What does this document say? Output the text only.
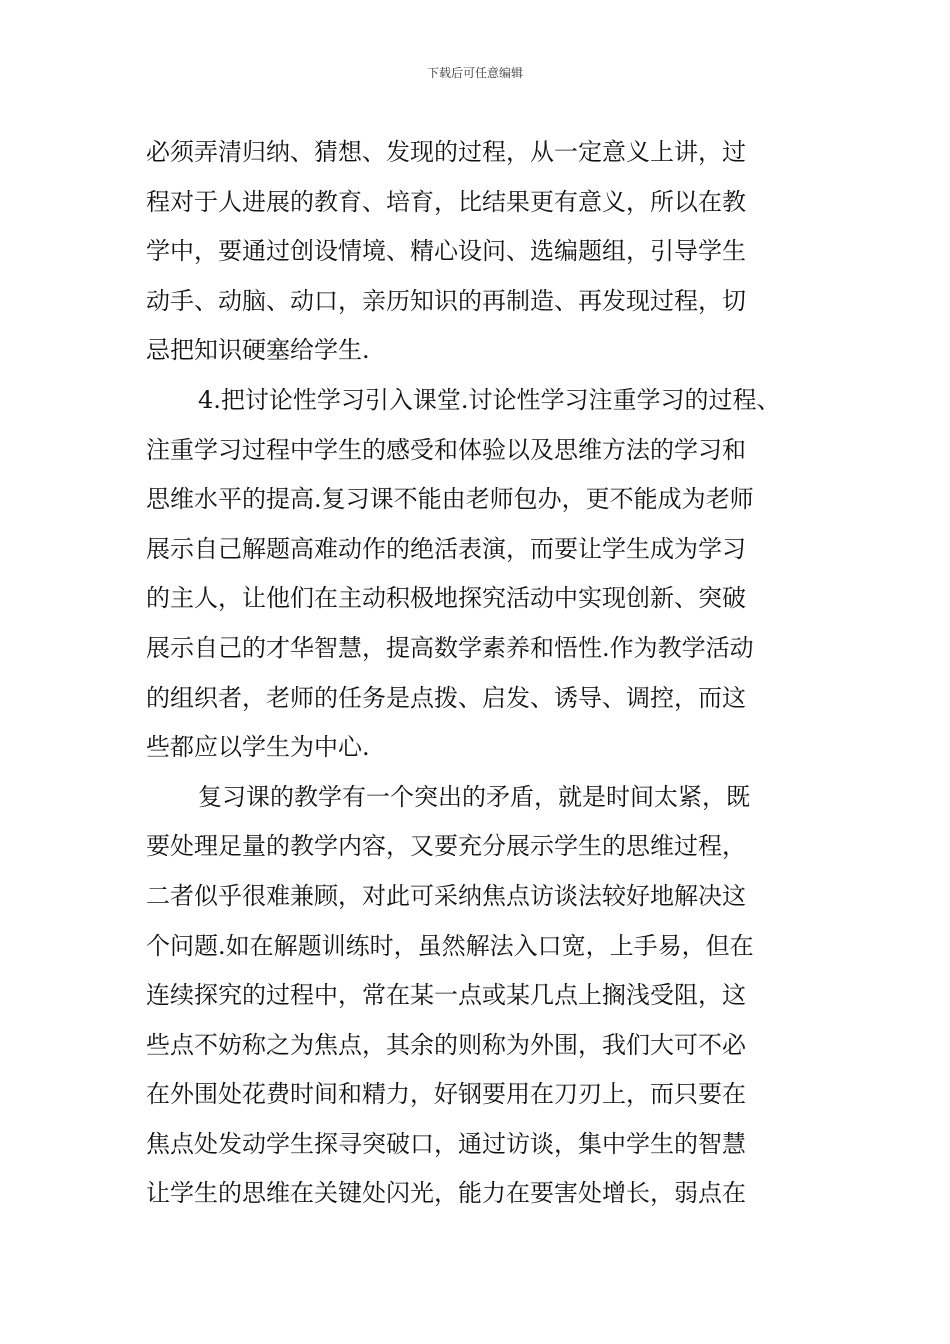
下载后可任意编辑
必须弄清归纳、猜想、发现的过程，从一定意义上讲，过
程对于人进展的教育、培育，比结果更有意义，所以在教
学中，要通过创设情境、精心设问、选编题组，引导学生
动手、动脑、动口，亲历知识的再制造、再发现过程，切
忌把知识硬塞给学生.
4.把讨论性学习引入课堂.讨论性学习注重学习的过程、
注重学习过程中学生的感受和体验以及思维方法的学习和
思维水平的提高.复习课不能由老师包办，更不能成为老师
展示自己解题高难动作的绝活表演，而要让学生成为学习
的主人，让他们在主动积极地探究活动中实现创新、突破
展示自己的才华智慧，提高数学素养和悟性.作为教学活动
的组织者，老师的任务是点拨、启发、诱导、调控，而这
些都应以学生为中心.
复习课的教学有一个突出的矛盾，就是时间太紧，既
要处理足量的教学内容，又要充分展示学生的思维过程，
二者似乎很难兼顾，对此可采纳焦点访谈法较好地解决这
个问题.如在解题训练时，虽然解法入口宽，上手易，但在
连续探究的过程中，常在某一点或某几点上搁浅受阻，这
些点不妨称之为焦点，其余的则称为外围，我们大可不必
在外围处花费时间和精力，好钢要用在刀刃上，而只要在
焦点处发动学生探寻突破口，通过访谈，集中学生的智慧
让学生的思维在关键处闪光，能力在要害处增长，弱点在
